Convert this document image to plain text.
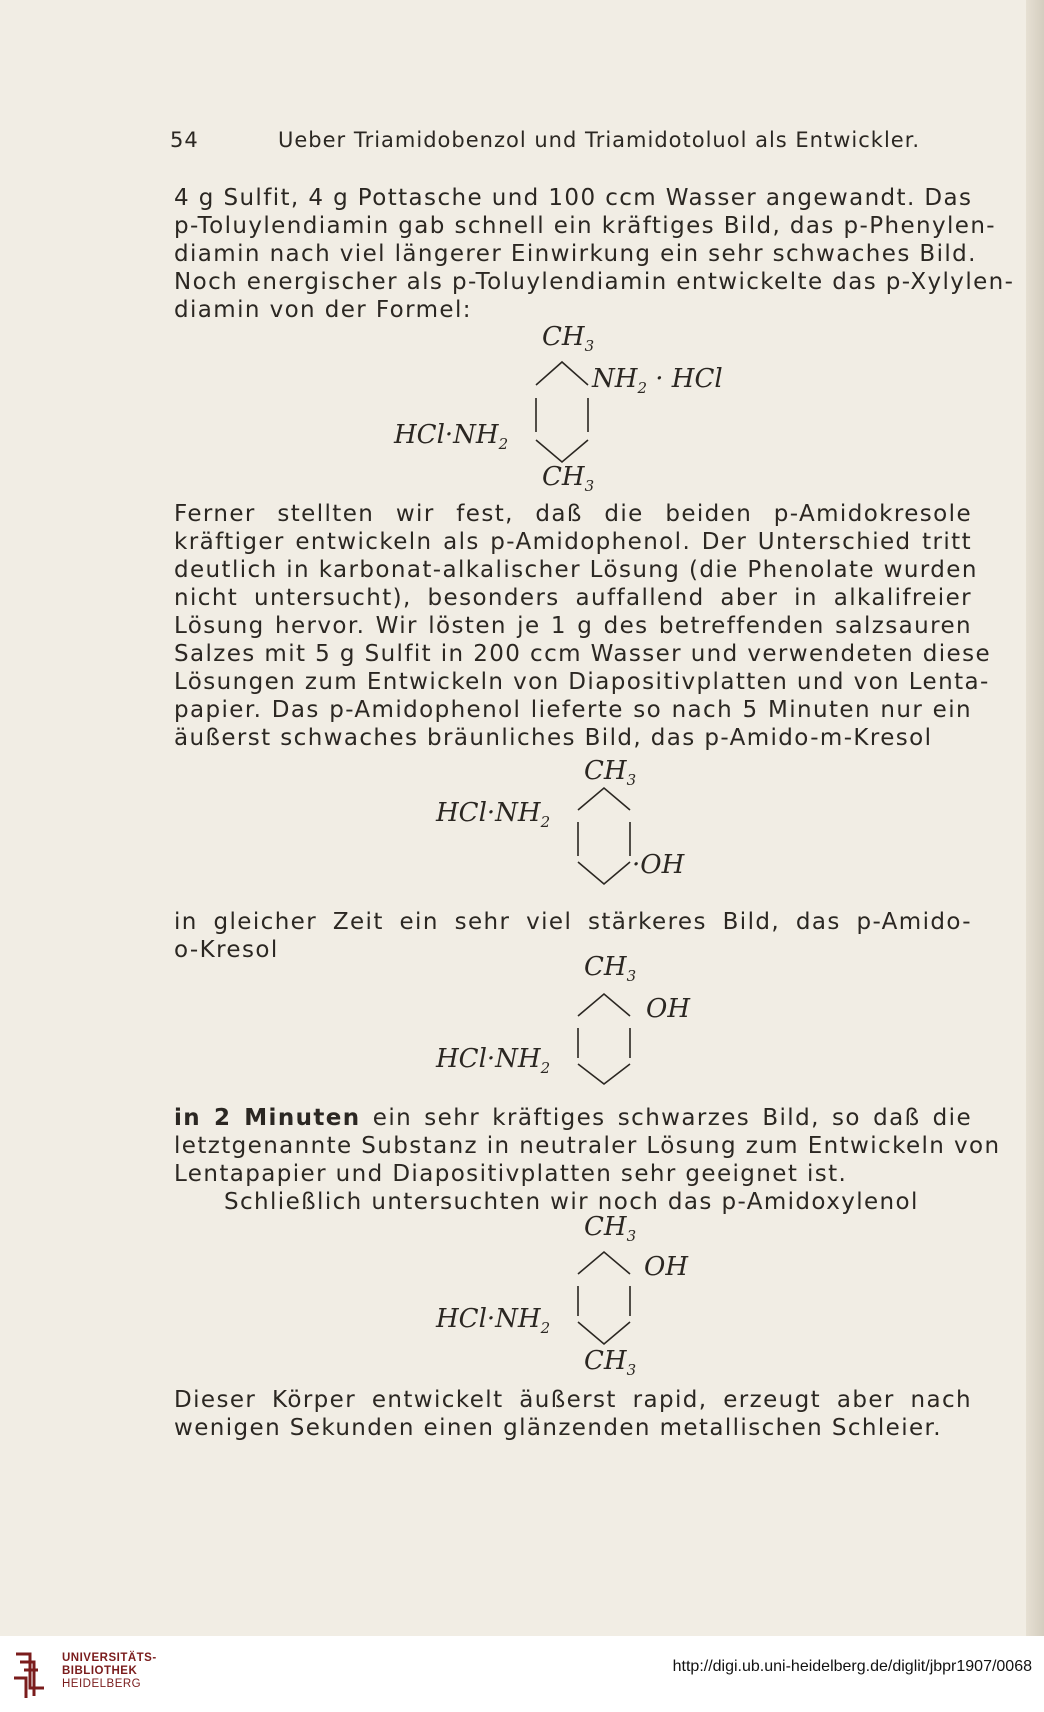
54	Ueber Triamidobenzol und Triamidotoluol als Entwickler.
4 g Sulfit, 4 g Pottasche und 100 ccm Wasser angewandt. Das
p-Toluylendiamin gab schnell ein kräftiges Bild, das p-Phenylen-
diamin nach viel längerer Einwirkung ein sehr schwaches Bild.
Noch energischer als p-Toluylendiamin entwickelte das p-Xylylen-
diamin von der Formel:
$CH_3$
$NH_2$ · HCl
$HCl\cdot NH_2$
$CH_3$
Ferner stellten wir fest, daß die beiden p-Amidokresole
kräftiger entwickeln als p-Amidophenol. Der Unterschied tritt
deutlich in karbonat-alkalischer Lösung (die Phenolate wurden
nicht untersucht), besonders auffallend aber in alkalifreier
Lösung hervor. Wir lösten je 1 g des betreffenden salzsauren
Salzes mit 5 g Sulfit in 200 ccm Wasser und verwendeten diese
Lösungen zum Entwickeln von Diapositivplatten und von Lenta-
papier. Das p-Amidophenol lieferte so nach 5 Minuten nur ein
äußerst schwaches bräunliches Bild, das p-Amido-m-Kresol
$CH_3$
$HCl\cdot NH_2$
·OH
in gleicher Zeit ein sehr viel stärkeres Bild, das p-Amido-
o-Kresol
$CH_3$
OH
$HCl\cdot NH_2$
in 2 Minuten ein sehr kräftiges schwarzes Bild, so daß die
letztgenannte Substanz in neutraler Lösung zum Entwickeln von
Lentapapier und Diapositivplatten sehr geeignet ist.
Schließlich untersuchten wir noch das p-Amidoxylenol
$CH_3$
OH
$HCl\cdot NH_2$
$CH_3$
Dieser Körper entwickelt äußerst rapid, erzeugt aber nach
wenigen Sekunden einen glänzenden metallischen Schleier.
UNIVERSITÄTS-
BIBLIOTHEK
HEIDELBERG
http://digi.ub.uni-heidelberg.de/diglit/jbpr1907/0068
